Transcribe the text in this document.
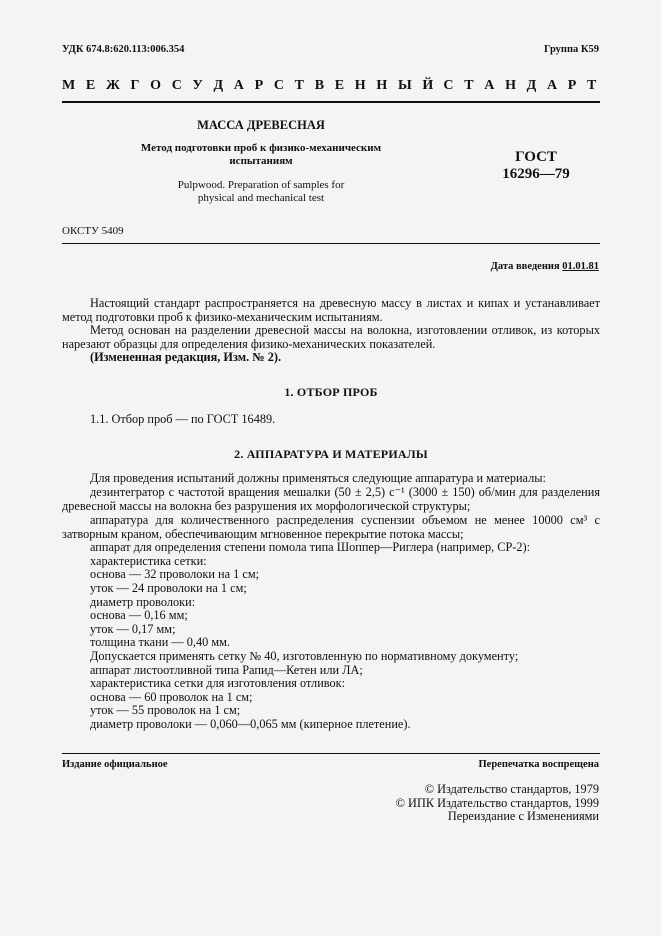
УДК 674.8:620.113:006.354	Группа К59
М Е Ж Г О С У Д А Р С Т В Е Н Н Ы Й С Т А Н Д А Р Т
МАССА ДРЕВЕСНАЯ
Метод подготовки проб к физико-механическим
испытаниям
Pulpwood. Preparation of samples for
physical and mechanical test
ГОСТ
16296—79
ОКСТУ 5409
Дата введения 01.01.81
Настоящий стандарт распространяется на древесную массу в листах и кипах и устанавливает метод подготовки проб к физико-механическим испытаниям.
Метод основан на разделении древесной массы на волокна, изготовлении отливок, из которых нарезают образцы для определения физико-механических показателей.
(Измененная редакция, Изм. № 2).
1. ОТБОР ПРОБ
1.1. Отбор проб — по ГОСТ 16489.
2. АППАРАТУРА И МАТЕРИАЛЫ
Для проведения испытаний должны применяться следующие аппаратура и материалы:
дезинтегратор с частотой вращения мешалки (50 ± 2,5) с⁻¹ (3000 ± 150) об/мин для разделения древесной массы на волокна без разрушения их морфологической структуры;
аппаратура для количественного распределения суспензии объемом не менее 10000 см³ с затворным краном, обеспечивающим мгновенное перекрытие потока массы;
аппарат для определения степени помола типа Шоппер—Риглера (например, СР-2):
характеристика сетки:
основа — 32 проволоки на 1 см;
уток — 24 проволоки на 1 см;
диаметр проволоки:
основа — 0,16 мм;
уток — 0,17 мм;
толщина ткани — 0,40 мм.
Допускается применять сетку № 40, изготовленную по нормативному документу;
аппарат листоотливной типа Рапид—Кетен или ЛА;
характеристика сетки для изготовления отливок:
основа — 60 проволок на 1 см;
уток — 55 проволок на 1 см;
диаметр проволоки — 0,060—0,065 мм (киперное плетение).
Издание официальное	Перепечатка воспрещена
© Издательство стандартов, 1979
© ИПК Издательство стандартов, 1999
Переиздание с Изменениями
